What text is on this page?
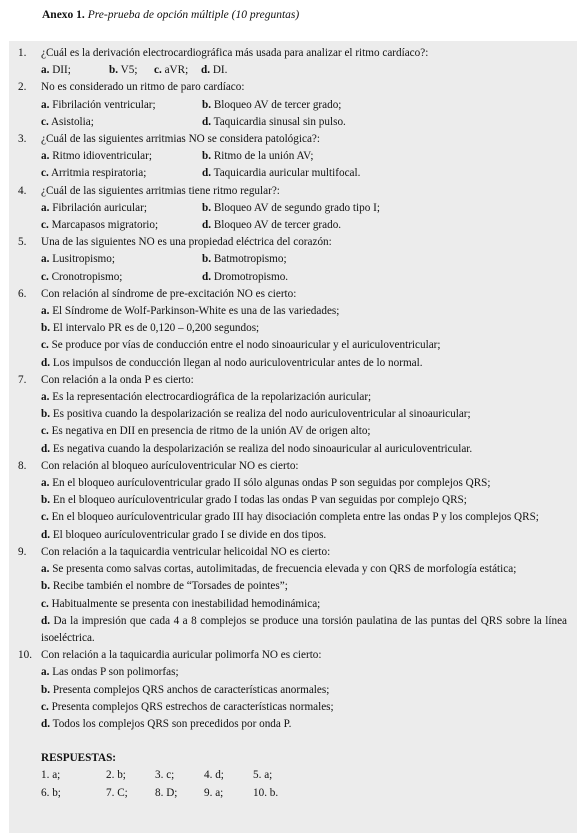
Anexo 1. Pre-prueba de opción múltiple (10 preguntas)
1. ¿Cuál es la derivación electrocardiográfica más usada para analizar el ritmo cardíaco?:
a. DII;	b. V5; c. aVR; d. DI.
2. No es considerado un ritmo de paro cardíaco:
a. Fibrilación ventricular;	b. Bloqueo AV de tercer grado;
c. Asistolia;	d. Taquicardia sinusal sin pulso.
3. ¿Cuál de las siguientes arritmias NO se considera patológica?:
a. Ritmo idioventricular;	b. Ritmo de la unión AV;
c. Arritmia respiratoria;	d. Taquicardia auricular multifocal.
4. ¿Cuál de las siguientes arritmias tiene ritmo regular?:
a. Fibrilación auricular;	b. Bloqueo AV de segundo grado tipo I;
c. Marcapasos migratorio;	d. Bloqueo AV de tercer grado.
5. Una de las siguientes NO es una propiedad eléctrica del corazón:
a. Lusitropismo;	b. Batmotropismo;
c. Cronotropismo;	d. Dromotropismo.
6. Con relación al síndrome de pre-excitación NO es cierto:
a. El Síndrome de Wolf-Parkinson-White es una de las variedades;
b. El intervalo PR es de 0,120 – 0,200 segundos;
c. Se produce por vías de conducción entre el nodo sinoauricular y el auriculoventricular;
d. Los impulsos de conducción llegan al nodo auriculoventricular antes de lo normal.
7. Con relación a la onda P es cierto:
a. Es la representación electrocardiográfica de la repolarización auricular;
b. Es positiva cuando la despolarización se realiza del nodo auriculoventricular al sinoauricular;
c. Es negativa en DII en presencia de ritmo de la unión AV de origen alto;
d. Es negativa cuando la despolarización se realiza del nodo sinoauricular al auriculoventricular.
8. Con relación al bloqueo aurículoventricular NO es cierto:
a. En el bloqueo aurículoventricular grado II sólo algunas ondas P son seguidas por complejos QRS;
b. En el bloqueo aurículoventricular grado I todas las ondas P van seguidas por complejo QRS;
c. En el bloqueo aurículoventricular grado III hay disociación completa entre las ondas P y los complejos QRS;
d. El bloqueo aurículoventricular grado I se divide en dos tipos.
9. Con relación a la taquicardia ventricular helicoidal NO es cierto:
a. Se presenta como salvas cortas, autolimitadas, de frecuencia elevada y con QRS de morfología estática;
b. Recibe también el nombre de “Torsades de pointes”;
c. Habitualmente se presenta con inestabilidad hemodinámica;
d. Da la impresión que cada 4 a 8 complejos se produce una torsión paulatina de las puntas del QRS sobre la línea isoeléctrica.
10. Con relación a la taquicardia auricular polimorfa NO es cierto:
a. Las ondas P son polimorfas;
b. Presenta complejos QRS anchos de características anormales;
c. Presenta complejos QRS estrechos de características normales;
d. Todos los complejos QRS son precedidos por onda P.
RESPUESTAS:
1. a;	2. b;	3. c;	4. d;	5. a;
6. b;	7. C; 8. D; 9. a;	10. b.
